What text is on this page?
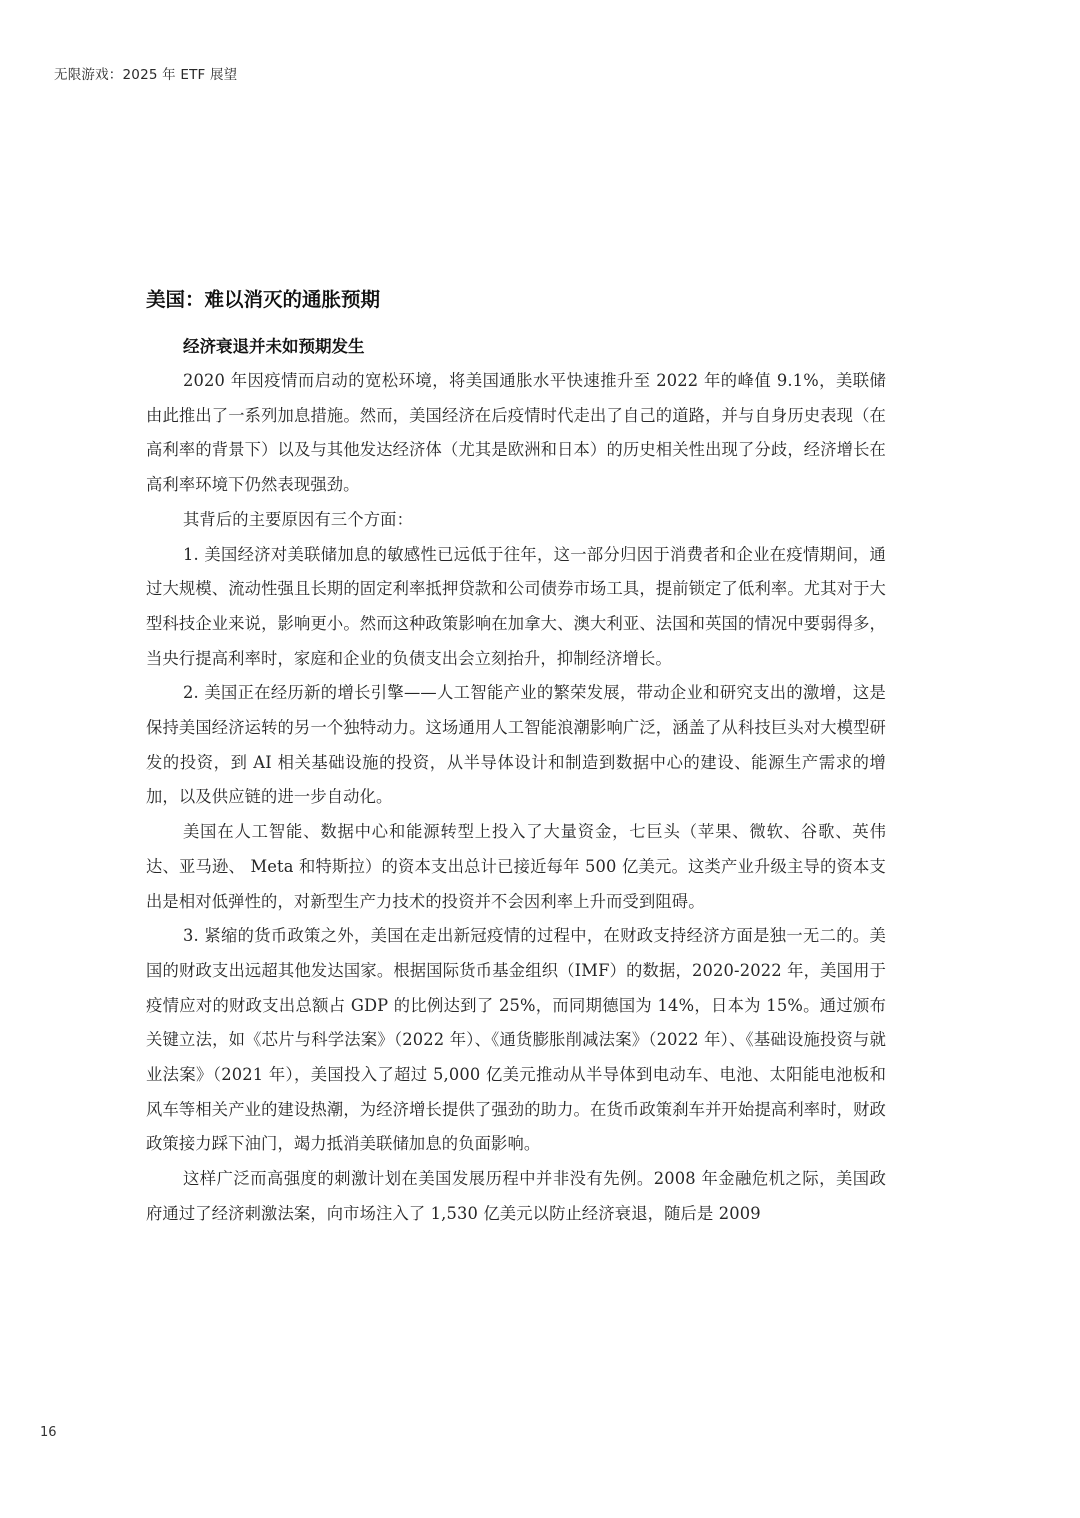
无限游戏：2025 年 ETF 展望
美国：难以消灭的通胀预期
经济衰退并未如预期发生

2020 年因疫情而启动的宽松环境，将美国通胀水平快速推升至 2022 年的峰值 9.1%，美联储由此推出了一系列加息措施。然而，美国经济在后疫情时代走出了自己的道路，并与自身历史表现（在高利率的背景下）以及与其他发达经济体（尤其是欧洲和日本）的历史相关性出现了分歧，经济增长在高利率环境下仍然表现强劲。

其背后的主要原因有三个方面：

1. 美国经济对美联储加息的敏感性已远低于往年，这一部分归因于消费者和企业在疫情期间，通过大规模、流动性强且长期的固定利率抵押贷款和公司债券市场工具，提前锁定了低利率。尤其对于大型科技企业来说，影响更小。然而这种政策影响在加拿大、澳大利亚、法国和英国的情况中要弱得多，当央行提高利率时，家庭和企业的负债支出会立刻抬升，抑制经济增长。

2. 美国正在经历新的增长引擎——人工智能产业的繁荣发展，带动企业和研究支出的激增，这是保持美国经济运转的另一个独特动力。这场通用人工智能浪潮影响广泛，涵盖了从科技巨头对大模型研发的投资，到 AI 相关基础设施的投资，从半导体设计和制造到数据中心的建设、能源生产需求的增加，以及供应链的进一步自动化。

美国在人工智能、数据中心和能源转型上投入了大量资金，七巨头（苹果、微软、谷歌、英伟达、亚马逊、 Meta 和特斯拉）的资本支出总计已接近每年 500 亿美元。这类产业升级主导的资本支出是相对低弹性的，对新型生产力技术的投资并不会因利率上升而受到阻碍。

3. 紧缩的货币政策之外，美国在走出新冠疫情的过程中，在财政支持经济方面是独一无二的。美国的财政支出远超其他发达国家。根据国际货币基金组织（IMF）的数据，2020-2022 年，美国用于疫情应对的财政支出总额占 GDP 的比例达到了 25%，而同期德国为 14%，日本为 15%。通过颁布关键立法，如《芯片与科学法案》（2022 年）、《通货膨胀削减法案》（2022 年）、《基础设施投资与就业法案》（2021 年），美国投入了超过 5,000 亿美元推动从半导体到电动车、电池、太阳能电池板和风车等相关产业的建设热潮，为经济增长提供了强劲的助力。在货币政策刹车并开始提高利率时，财政政策接力踩下油门，竭力抵消美联储加息的负面影响。

这样广泛而高强度的刺激计划在美国发展历程中并非没有先例。2008 年金融危机之际，美国政府通过了经济刺激法案，向市场注入了 1,530 亿美元以防止经济衰退，随后是 2009

16
